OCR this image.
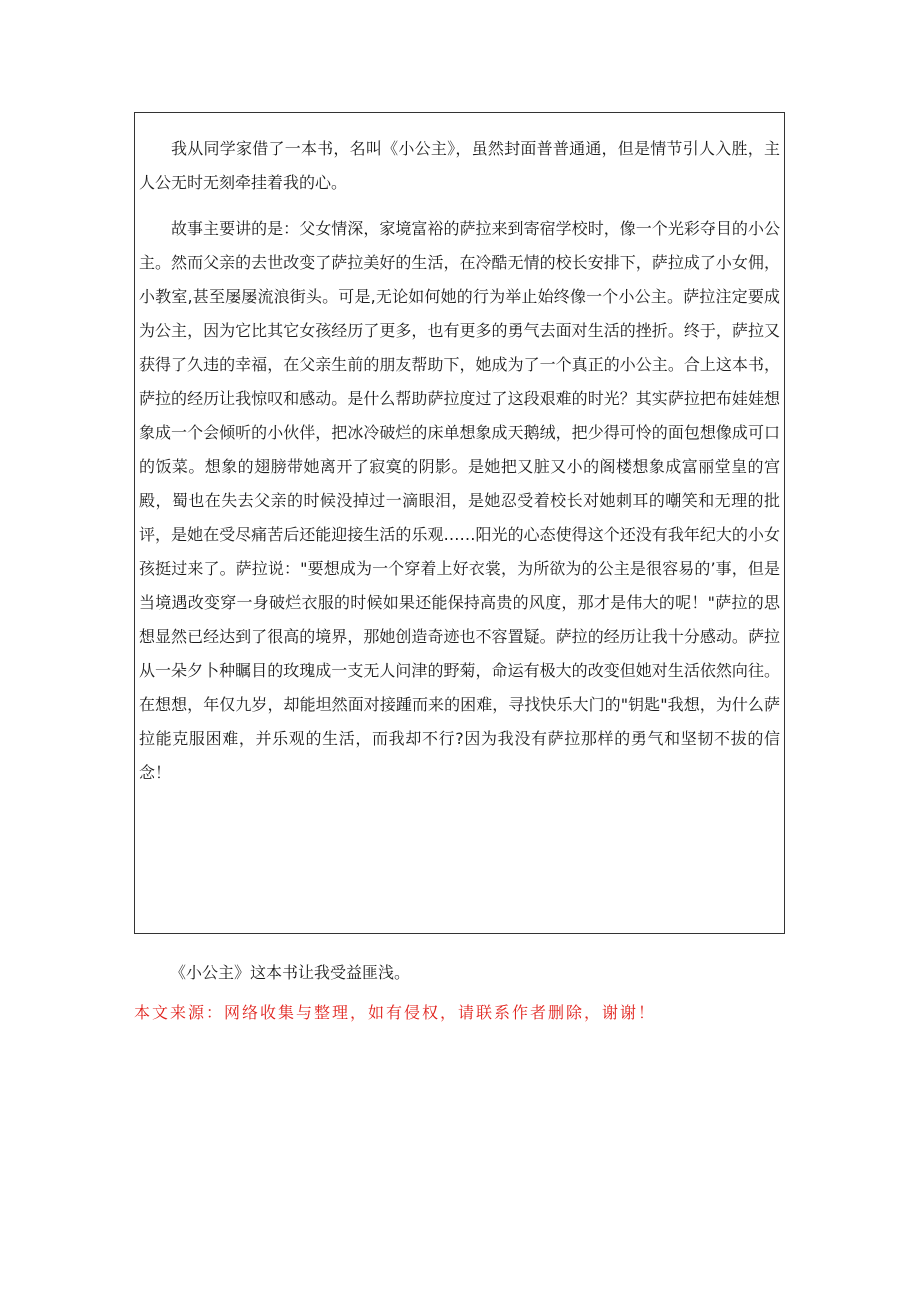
我从同学家借了一本书，名叫《小公主》，虽然封面普普通通，但是情节引人入胜，主人公无时无刻牵挂着我的心。

故事主要讲的是：父女情深，家境富裕的萨拉来到寄宿学校时，像一个光彩夺目的小公主。然而父亲的去世改变了萨拉美好的生活，在冷酷无情的校长安排下，萨拉成了小女佣，小教室,甚至屡屡流浪街头。可是,无论如何她的行为举止始终像一个小公主。萨拉注定要成为公主，因为它比其它女孩经历了更多，也有更多的勇气去面对生活的挫折。终于，萨拉又获得了久违的幸福，在父亲生前的朋友帮助下，她成为了一个真正的小公主。合上这本书，萨拉的经历让我惊叹和感动。是什么帮助萨拉度过了这段艰难的时光？其实萨拉把布娃娃想象成一个会倾听的小伙伴，把冰冷破烂的床单想象成天鹅绒，把少得可怜的面包想像成可口的饭菜。想象的翅膀带她离开了寂寞的阴影。是她把又脏又小的阁楼想象成富丽堂皇的宫殿，蜀也在失去父亲的时候没掉过一滴眼泪，是她忍受着校长对她刺耳的嘲笑和无理的批评，是她在受尽痛苦后还能迎接生活的乐观……阳光的心态使得这个还没有我年纪大的小女孩挺过来了。萨拉说："要想成为一个穿着上好衣裳，为所欲为的公主是很容易的’事，但是当境遇改变穿一身破烂衣服的时候如果还能保持高贵的风度，那才是伟大的呢！"萨拉的思想显然已经达到了很高的境界，那她创造奇迹也不容置疑。萨拉的经历让我十分感动。萨拉从一朵夕卜种瞩目的玫瑰成一支无人问津的野菊，命运有极大的改变但她对生活依然向往。在想想，年仅九岁，却能坦然面对接踵而来的困难，寻找快乐大门的"钥匙"我想，为什么萨拉能克服困难，并乐观的生活，而我却不行?因为我没有萨拉那样的勇气和坚韧不拔的信念！

《小公主》这本书让我受益匪浅。

本文来源：网络收集与整理，如有侵权，请联系作者删除，谢谢！
